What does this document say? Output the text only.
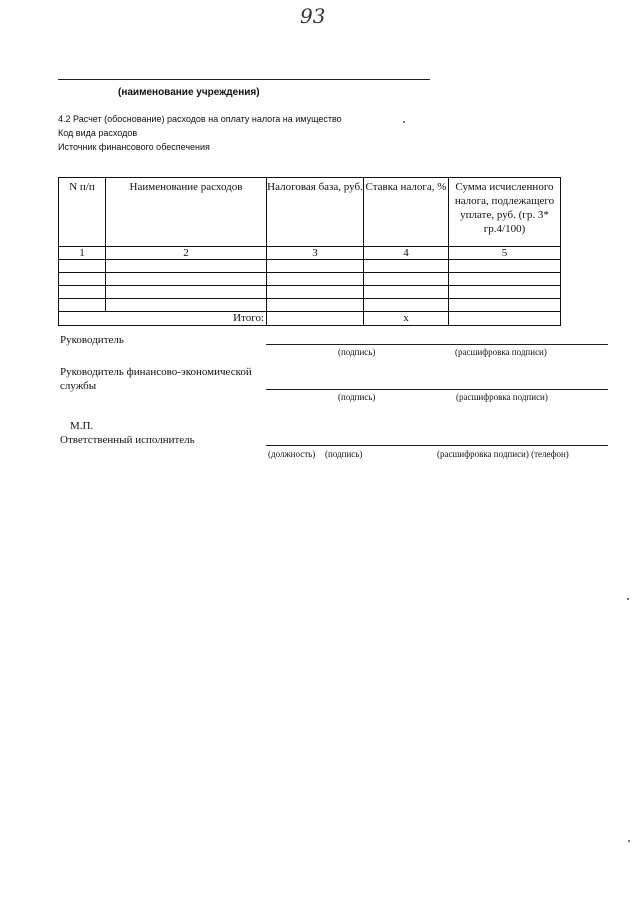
93
(наименование учреждения)
4.2 Расчет (обоснование) расходов на оплату налога на имущество
Код вида расходов
Источник финансового обеспечения
N п/п	Наименование расходов	Налоговая база, руб.	Ставка налога, %	Сумма исчисленного налога, подлежащего уплате, руб. (гр. 3* гр.4/100)
1	2	3	4	5

Итого:			x	
Руководитель
(подпись)	(расшифровка подписи)
Руководитель финансово-экономической
службы
(подпись)	(расшифровка подписи)
М.П.
Ответственный исполнитель
(должность) (подпись)	(расшифровка подписи) (телефон)
